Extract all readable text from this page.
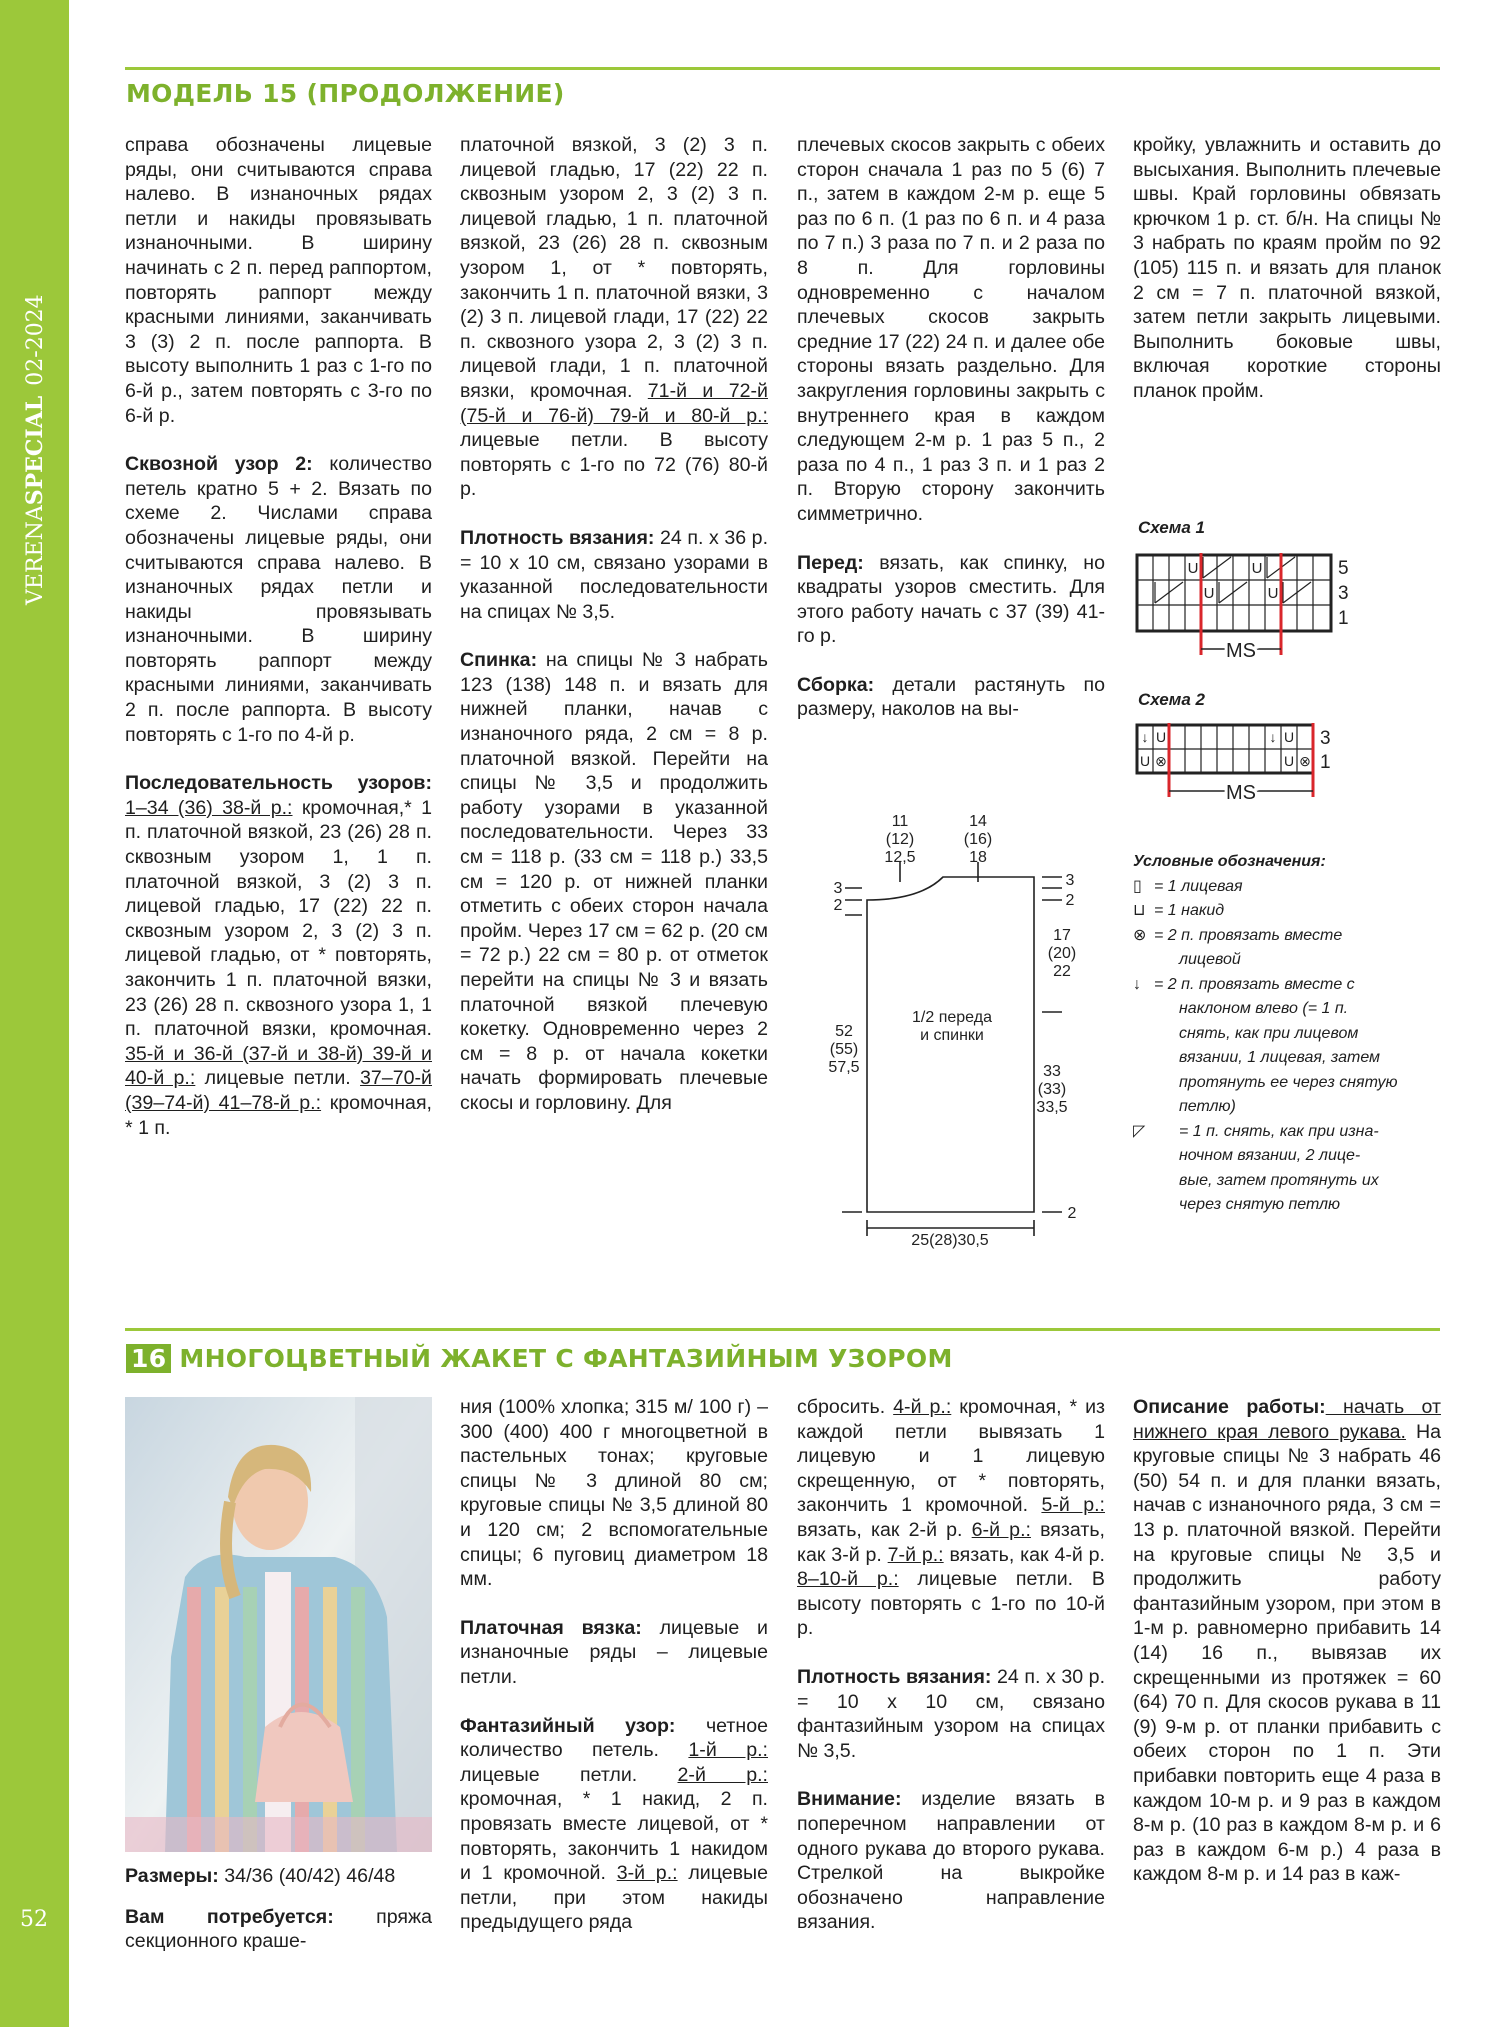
VERENASPECIAL02-2024
52
МОДЕЛЬ 15 (ПРОДОЛЖЕНИЕ)

справа обозначены лицевые ряды, они считываются справа налево. В изнаночных рядах петли и накиды провязывать изнаночными. В ширину начинать с 2 п. перед раппортом, повторять раппорт между красными линиями, заканчивать 3 (3) 2 п. после раппорта. В высоту выполнить 1 раз с 1-го по 6-й р., затем повторять с 3-го по 6-й р.

Сквозной узор 2: количество петель кратно 5 + 2. Вязать по схеме 2. Числами справа обозначены лицевые ряды, они считываются справа налево. В изнаночных рядах петли и накиды провязывать изнаночными. В ширину повторять раппорт между красными линиями, заканчивать 2 п. после раппорта. В высоту повторять с 1-го по 4-й р.

Последовательность узоров: 1–34 (36) 38-й р.: кромочная,* 1 п. платочной вязкой, 23 (26) 28 п. сквозным узором 1, 1 п. платочной вязкой, 3 (2) 3 п. лицевой гладью, 17 (22) 22 п. сквозным узором 2, 3 (2) 3 п. лицевой гладью, от * повторять, закончить 1 п. платочной вязки, 23 (26) 28 п. сквозного узора 1, 1 п. платочной вязки, кромочная. 35-й и 36-й (37-й и 38-й) 39-й и 40-й р.: лицевые петли. 37–70-й (39–74-й) 41–78-й р.: кромочная, * 1 п.

платочной вязкой, 3 (2) 3 п. лицевой гладью, 17 (22) 22 п. сквозным узором 2, 3 (2) 3 п. лицевой гладью, 1 п. платочной вязкой, 23 (26) 28 п. сквозным узором 1, от * повторять, закончить 1 п. платочной вязки, 3 (2) 3 п. лицевой глади, 17 (22) 22 п. сквозного узора 2, 3 (2) 3 п. лицевой глади, 1 п. платочной вязки, кромочная. 71-й и 72-й (75-й и 76-й) 79-й и 80-й р.: лицевые петли. В высоту повторять с 1-го по 72 (76) 80-й р.

Плотность вязания: 24 п. х 36 р. = 10 х 10 см, связано узорами в указанной последовательности на спицах № 3,5.

Спинка: на спицы № 3 набрать 123 (138) 148 п. и вязать для нижней планки, начав с изнаночного ряда, 2 см = 8 р. платочной вязкой. Перейти на спицы № 3,5 и продолжить работу узорами в указанной последовательности. Через 33 см = 118 р. (33 см = 118 р.) 33,5 см = 120 р. от нижней планки отметить с обеих сторон начала пройм. Через 17 см = 62 р. (20 см = 72 р.) 22 см = 80 р. от отметок перейти на спицы № 3 и вязать платочной вязкой плечевую кокетку. Одновременно через 2 см = 8 р. от начала кокетки начать формировать плечевые скосы и горловину. Для

плечевых скосов закрыть с обеих сторон сначала 1 раз по 5 (6) 7 п., затем в каждом 2-м р. еще 5 раз по 6 п. (1 раз по 6 п. и 4 раза по 7 п.) 3 раза по 7 п. и 2 раза по 8 п. Для горловины одновременно с началом плечевых скосов закрыть средние 17 (22) 24 п. и далее обе стороны вязать раздельно. Для закругления горловины закрыть с внутреннего края в каждом следующем 2-м р. 1 раз 5 п., 2 раза по 4 п., 1 раз 3 п. и 1 раз 2 п. Вторую сторону закончить симметрично.

Перед: вязать, как спинку, но квадраты узоров сместить. Для этого работу начать с 37 (39) 41-го р.

Сборка: детали растянуть по размеру, наколов на вы-

кройку, увлажнить и оставить до высыхания. Выполнить плечевые швы. Край горловины обвязать крючком 1 р. ст. б/н. На спицы № 3 набрать по краям пройм по 92 (105) 115 п. и вязать для планок 2 см = 7 п. платочной вязкой, затем петли закрыть лицевыми. Выполнить боковые швы, включая короткие стороны планок пройм.

11
(12)
12,5
14
(16)
18
3
2
3
2
17
(20)
22
52
(55)
57,5
1/2 переда
и спинки
33
(33)
33,5
2
25(28)30,5
Схема 1
U	U
U	U
MS
5
3
1
Схема 2
↓ U	↓ U
U ⊗	U ⊗
MS
3
1
Условные обозначения:
▯ = 1 лицевая
⊔ = 1 накид
⊗ = 2 п. провязать вместе
лицевой
↓ = 2 п. провязать вместе с
наклоном влево (= 1 п.
снять, как при лицевом
вязании, 1 лицевая, затем
протянуть ее через снятую
петлю)
◸	= 1 п. снять, как при изна-
ночном вязании, 2 лице-
вые, затем протянуть их
через снятую петлю
16 МНОГОЦВЕТНЫЙ ЖАКЕТ С ФАНТАЗИЙНЫМ УЗОРОМ

Размеры: 34/36 (40/42) 46/48

Вам потребуется: пряжа секционного краше-

ния (100% хлопка; 315 м/ 100 г) – 300 (400) 400 г многоцветной в пастельных тонах; круговые спицы № 3 длиной 80 см; круговые спицы № 3,5 длиной 80 и 120 см; 2 вспомогательные спицы; 6 пуговиц диаметром 18 мм.

Платочная вязка: лицевые и изнаночные ряды – лицевые петли.

Фантазийный узор: четное количество петель. 1-й р.: лицевые петли. 2-й р.: кромочная, * 1 накид, 2 п. провязать вместе лицевой, от * повторять, закончить 1 накидом и 1 кромочной. 3-й р.: лицевые петли, при этом накиды предыдущего ряда

сбросить. 4-й р.: кромочная, * из каждой петли вывязать 1 лицевую и 1 лицевую скрещенную, от * повторять, закончить 1 кромочной. 5-й р.: вязать, как 2-й р. 6-й р.: вязать, как 3-й р. 7-й р.: вязать, как 4-й р. 8–10-й р.: лицевые петли. В высоту повторять с 1-го по 10-й р.

Плотность вязания: 24 п. х 30 р. = 10 х 10 см, связано фантазийным узором на спицах № 3,5.

Внимание: изделие вязать в поперечном направлении от одного рукава до второго рукава. Стрелкой на выкройке обозначено направление вязания.

Описание работы: начать от нижнего края левого рукава. На круговые спицы № 3 набрать 46 (50) 54 п. и для планки вязать, начав с изнаночного ряда, 3 см = 13 р. платочной вязкой. Перейти на круговые спицы № 3,5 и продолжить работу фантазийным узором, при этом в 1-м р. равномерно прибавить 14 (14) 16 п., вывязав их скрещенными из протяжек = 60 (64) 70 п. Для скосов рукава в 11 (9) 9-м р. от планки прибавить с обеих сторон по 1 п. Эти прибавки повторить еще 4 раза в каждом 10-м р. и 9 раз в каждом 8-м р. (10 раз в каждом 8-м р. и 6 раз в каждом 6-м р.) 4 раза в каждом 8-м р. и 14 раз в каж-
